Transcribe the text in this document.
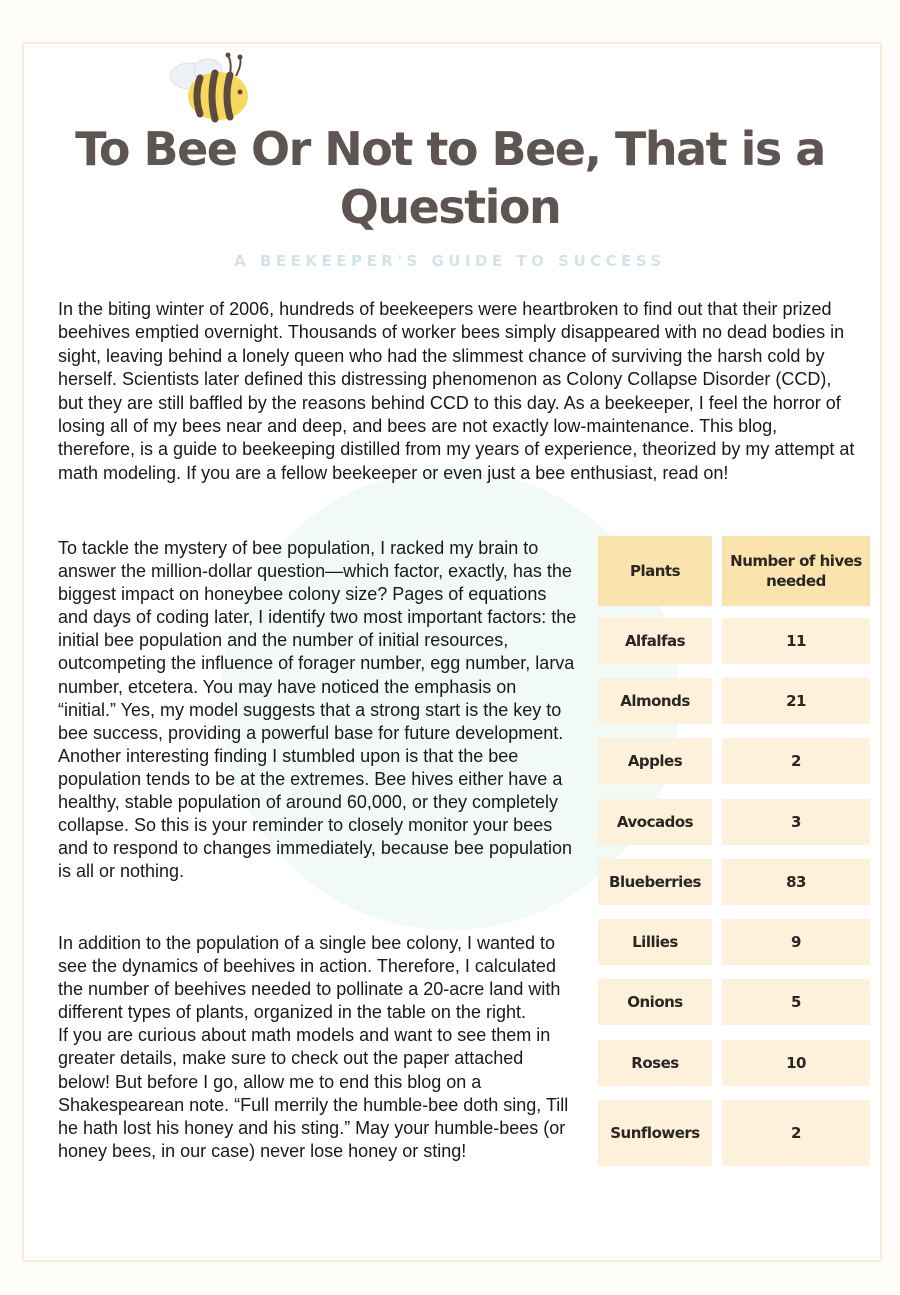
To Bee Or Not to Bee, That is a
Question
A BEEKEEPER'S GUIDE TO SUCCESS

In the biting winter of 2006, hundreds of beekeepers were heartbroken to find out that their prized beehives emptied overnight. Thousands of worker bees simply disappeared with no dead bodies in sight, leaving behind a lonely queen who had the slimmest chance of surviving the harsh cold by herself. Scientists later defined this distressing phenomenon as Colony Collapse Disorder (CCD), but they are still baffled by the reasons behind CCD to this day. As a beekeeper, I feel the horror of losing all of my bees near and deep, and bees are not exactly low-maintenance. This blog, therefore, is a guide to beekeeping distilled from my years of experience, theorized by my attempt at math modeling. If you are a fellow beekeeper or even just a bee enthusiast, read on!

To tackle the mystery of bee population, I racked my brain to answer the million-dollar question—which factor, exactly, has the biggest impact on honeybee colony size? Pages of equations and days of coding later, I identify two most important factors: the initial bee population and the number of initial resources, outcompeting the influence of forager number, egg number, larva number, etcetera. You may have noticed the emphasis on “initial.” Yes, my model suggests that a strong start is the key to bee success, providing a powerful base for future development. Another interesting finding I stumbled upon is that the bee population tends to be at the extremes. Bee hives either have a healthy, stable population of around 60,000, or they completely collapse. So this is your reminder to closely monitor your bees and to respond to changes immediately, because bee population is all or nothing.

In addition to the population of a single bee colony, I wanted to see the dynamics of beehives in action. Therefore, I calculated the number of beehives needed to pollinate a 20-acre land with different types of plants, organized in the table on the right.
If you are curious about math models and want to see them in greater details, make sure to check out the paper attached below! But before I go, allow me to end this blog on a Shakespearean note. “Full merrily the humble-bee doth sing, Till he hath lost his honey and his sting.” May your humble-bees (or honey bees, in our case) never lose honey or sting!
Plants
Number of hives needed
Alfalfas	11
Almonds	21
Apples	2
Avocados	3
Blueberries	83
Lillies	9
Onions	5
Roses	10
Sunflowers	2
